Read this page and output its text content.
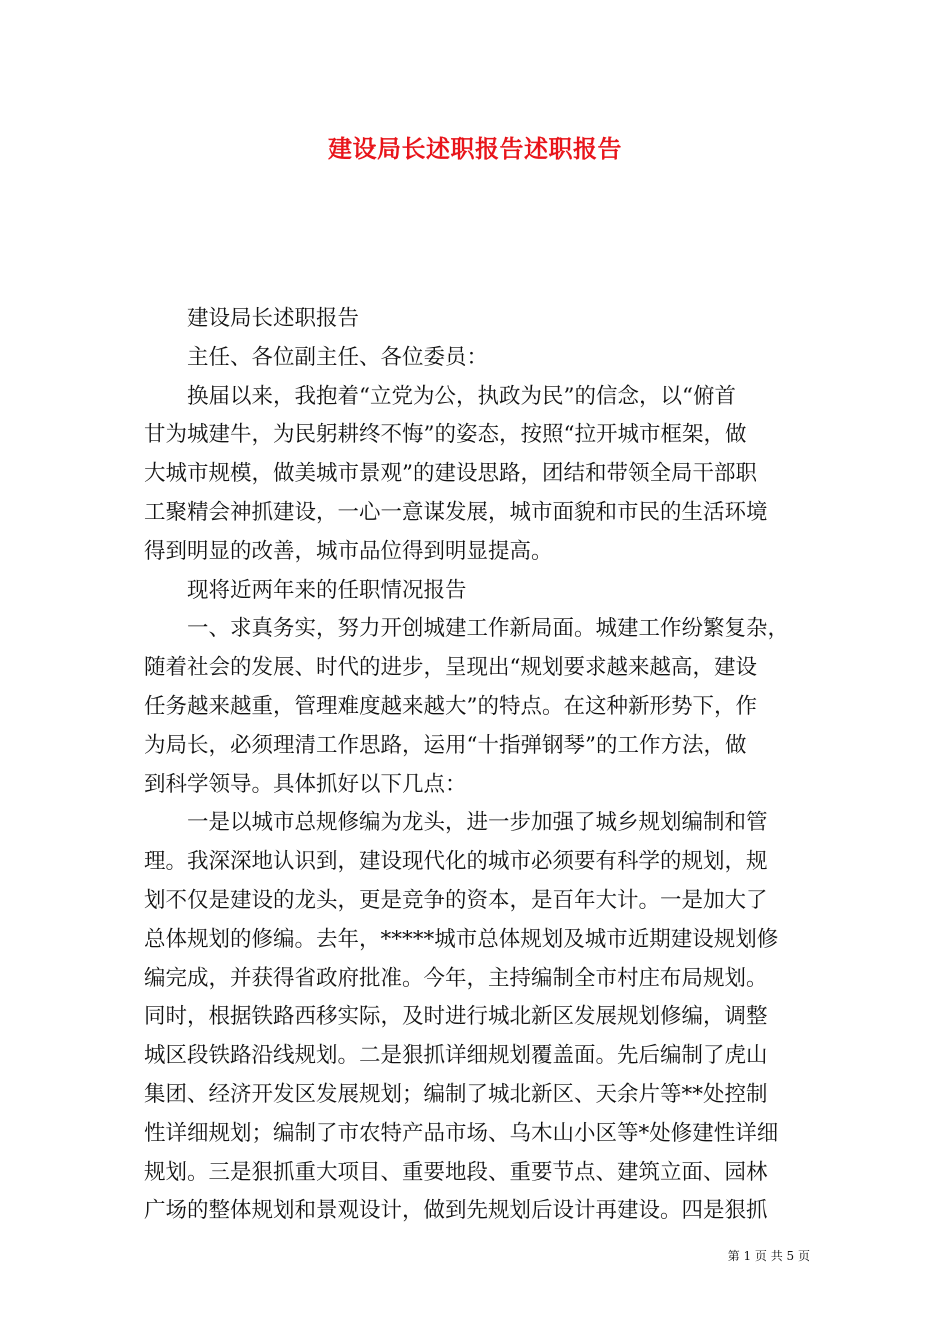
建设局长述职报告述职报告

建设局长述职报告

主任、各位副主任、各位委员：

换届以来，我抱着“立党为公，执政为民”的信念，以“俯首
甘为城建牛，为民躬耕终不悔”的姿态，按照“拉开城市框架，做
大城市规模，做美城市景观”的建设思路，团结和带领全局干部职
工聚精会神抓建设，一心一意谋发展，城市面貌和市民的生活环境
得到明显的改善，城市品位得到明显提高。

现将近两年来的任职情况报告

一、求真务实，努力开创城建工作新局面。城建工作纷繁复杂，
随着社会的发展、时代的进步，呈现出“规划要求越来越高，建设
任务越来越重，管理难度越来越大”的特点。在这种新形势下，作
为局长，必须理清工作思路，运用“十指弹钢琴”的工作方法，做
到科学领导。具体抓好以下几点：

一是以城市总规修编为龙头，进一步加强了城乡规划编制和管
理。我深深地认识到，建设现代化的城市必须要有科学的规划，规
划不仅是建设的龙头，更是竞争的资本，是百年大计。一是加大了
总体规划的修编。去年，*****城市总体规划及城市近期建设规划修
编完成，并获得省政府批准。今年，主持编制全市村庄布局规划。
同时，根据铁路西移实际，及时进行城北新区发展规划修编，调整
城区段铁路沿线规划。二是狠抓详细规划覆盖面。先后编制了虎山
集团、经济开发区发展规划；编制了城北新区、天余片等**处控制
性详细规划；编制了市农特产品市场、乌木山小区等*处修建性详细
规划。三是狠抓重大项目、重要地段、重要节点、建筑立面、园林
广场的整体规划和景观设计，做到先规划后设计再建设。四是狠抓

第 1 页 共 5 页
